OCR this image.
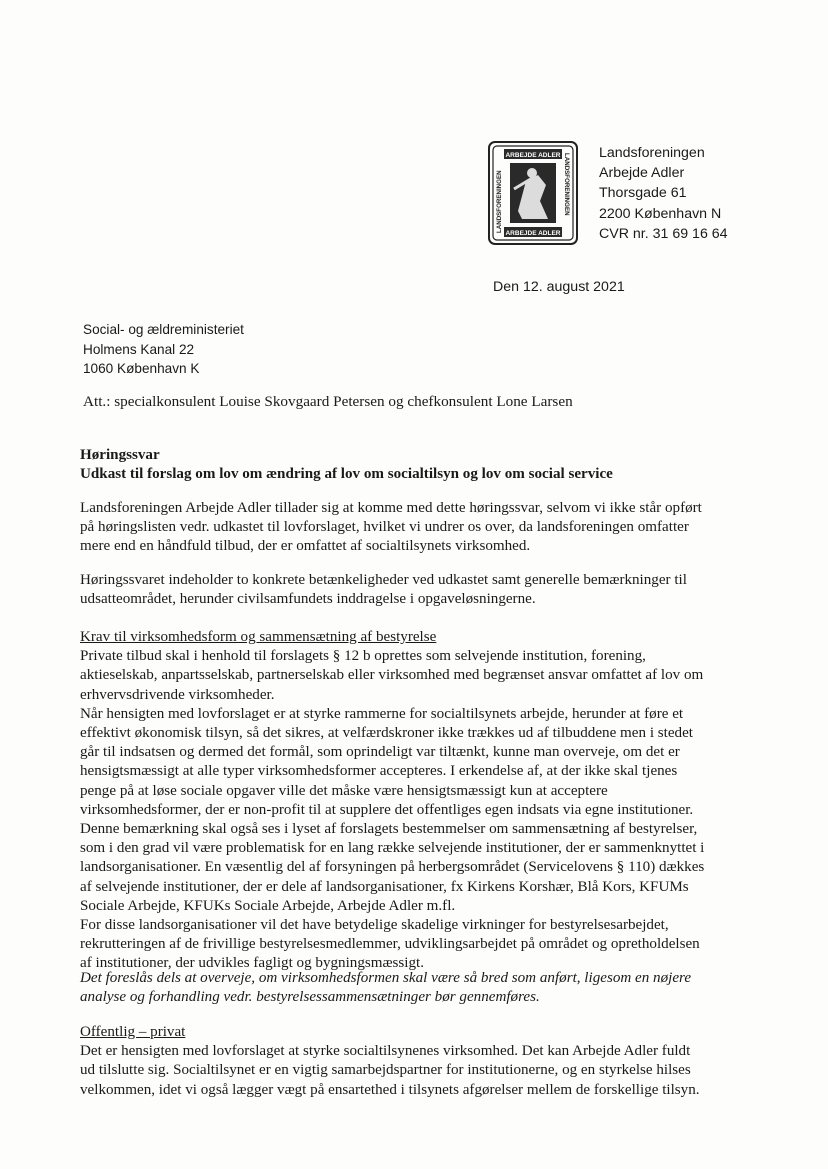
ARBEJDE ADLER
ARBEJDE ADLER
LANDSFORENINGEN	LANDSFORENINGEN Landsforeningen
Arbejde Adler
Thorsgade 61
2200 København N
CVR nr. 31 69 16 64
Den 12. august 2021
Social- og ældreministeriet
Holmens Kanal 22
1060 København K
Att.: specialkonsulent Louise Skovgaard Petersen og chefkonsulent Lone Larsen
Høringssvar
Udkast til forslag om lov om ændring af lov om socialtilsyn og lov om social service
Landsforeningen Arbejde Adler tillader sig at komme med dette høringssvar, selvom vi ikke står opført
på høringslisten vedr. udkastet til lovforslaget, hvilket vi undrer os over, da landsforeningen omfatter
mere end en håndfuld tilbud, der er omfattet af socialtilsynets virksomhed.
Høringssvaret indeholder to konkrete betænkeligheder ved udkastet samt generelle bemærkninger til
udsatteområdet, herunder civilsamfundets inddragelse i opgaveløsningerne.
Krav til virksomhedsform og sammensætning af bestyrelse
Private tilbud skal i henhold til forslagets § 12 b oprettes som selvejende institution, forening,
aktieselskab, anpartsselskab, partnerselskab eller virksomhed med begrænset ansvar omfattet af lov om
erhvervsdrivende virksomheder.
Når hensigten med lovforslaget er at styrke rammerne for socialtilsynets arbejde, herunder at føre et
effektivt økonomisk tilsyn, så det sikres, at velfærdskroner ikke trækkes ud af tilbuddene men i stedet
går til indsatsen og dermed det formål, som oprindeligt var tiltænkt, kunne man overveje, om det er
hensigtsmæssigt at alle typer virksomhedsformer accepteres. I erkendelse af, at der ikke skal tjenes
penge på at løse sociale opgaver ville det måske være hensigtsmæssigt kun at acceptere
virksomhedsformer, der er non-profit til at supplere det offentliges egen indsats via egne institutioner.
Denne bemærkning skal også ses i lyset af forslagets bestemmelser om sammensætning af bestyrelser,
som i den grad vil være problematisk for en lang række selvejende institutioner, der er sammenknyttet i
landsorganisationer. En væsentlig del af forsyningen på herbergsområdet (Servicelovens § 110) dækkes
af selvejende institutioner, der er dele af landsorganisationer, fx Kirkens Korshær, Blå Kors, KFUMs
Sociale Arbejde, KFUKs Sociale Arbejde, Arbejde Adler m.fl.
For disse landsorganisationer vil det have betydelige skadelige virkninger for bestyrelsesarbejdet,
rekrutteringen af de frivillige bestyrelsesmedlemmer, udviklingsarbejdet på området og opretholdelsen
af institutioner, der udvikles fagligt og bygningsmæssigt.
Det foreslås dels at overveje, om virksomhedsformen skal være så bred som anført, ligesom en nøjere
analyse og forhandling vedr. bestyrelsessammensætninger bør gennemføres.
Offentlig – privat
Det er hensigten med lovforslaget at styrke socialtilsynenes virksomhed. Det kan Arbejde Adler fuldt
ud tilslutte sig. Socialtilsynet er en vigtig samarbejdspartner for institutionerne, og en styrkelse hilses
velkommen, idet vi også lægger vægt på ensartethed i tilsynets afgørelser mellem de forskellige tilsyn.
